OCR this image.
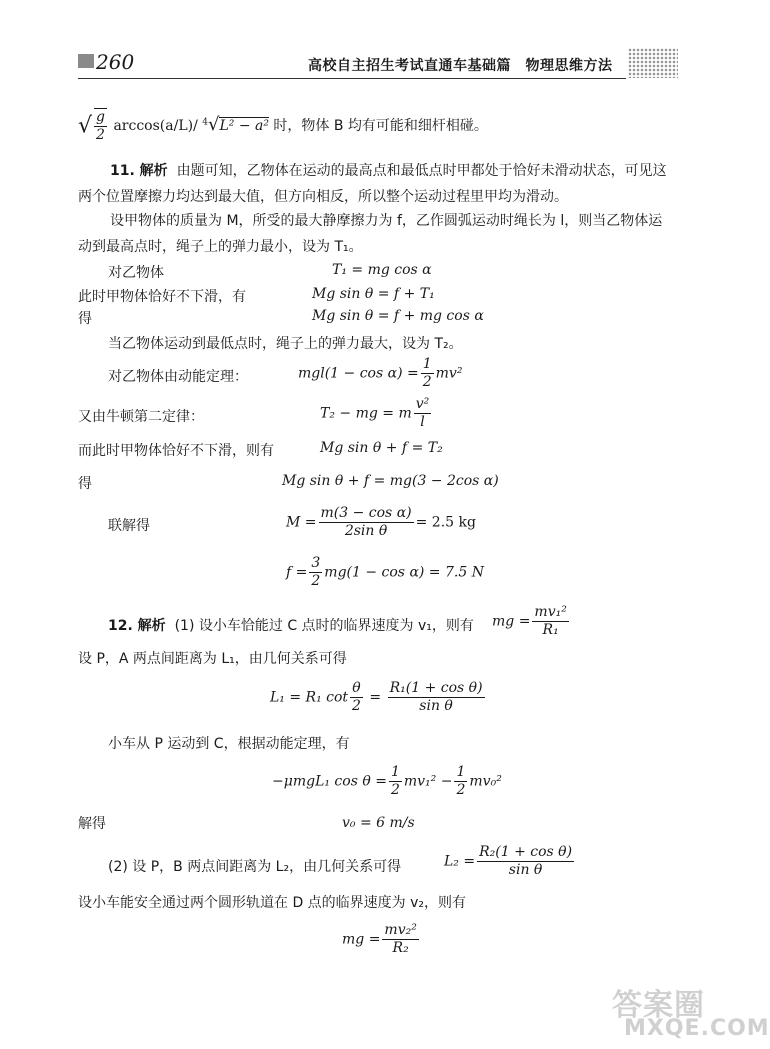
260	高校自主招生考试直通车基础篇　物理思维方法
√ $\frac{g}{2} \arccos(a/L)/$ $^4$√L² − a² 时，物体 B 均有可能和细杆相碰。
11. 解析 由题可知，乙物体在运动的最高点和最低点时甲都处于恰好未滑动状态，可见这
两个位置摩擦力均达到最大值，但方向相反，所以整个运动过程里甲均为滑动。
设甲物体的质量为 M，所受的最大静摩擦力为 f，乙作圆弧运动时绳长为 l，则当乙物体运
动到最高点时，绳子上的弹力最小，设为 T₁。
对乙物体	T₁ = mg cos α
此时甲物体恰好不下滑，有	Mg sin θ = f + T₁
得	Mg sin θ = f + mg cos α
当乙物体运动到最低点时，绳子上的弹力最大，设为 T₂。
对乙物体由动能定理：	$mgl(1 - \cos \alpha) = \frac{1}{2} mv^2$
又由牛顿第二定律：	T₂ − mg = m $\frac{\text{v²}}{l}$
而此时甲物体恰好不下滑，则有	Mg sin θ + f = T₂
得	Mg sin θ + f = mg(3 − 2cos α)
联解得	$M = \frac{\text{m(3 − cos α)}}{\text{2sin θ}} = 2.5$ kg
$f = \frac{3}{2} mg(1 - \cos \alpha) = 7.5$ N
12. 解析 (1) 设小车恰能过 C 点时的临界速度为 v₁，则有 mg = $\frac{\text{mv₁²}}{\text{R₁}}$
设 P，A 两点间距离为 L₁，由几何关系可得
L₁ = R₁ $\cot \frac{\theta}{2} = \frac{\text{R₁(1 + cos θ)}}{\text{sin θ}}$
小车从 P 运动到 C，根据动能定理，有
−μmgL₁ $\cos \theta = \frac{1}{2} mv_1^2 - \frac{1}{2} mv_0^2$
解得	v₀ = 6 m/s
(2) 设 P，B 两点间距离为 L₂，由几何关系可得	$L_2 = \frac{\text{R₂(1 + cos θ)}}{\text{sin θ}}$
设小车能安全通过两个圆形轨道在 D 点的临界速度为 v₂，则有
mg = $\frac{\text{mv₂²}}{\text{R₂}}$
答案圈
MXQE.COM
